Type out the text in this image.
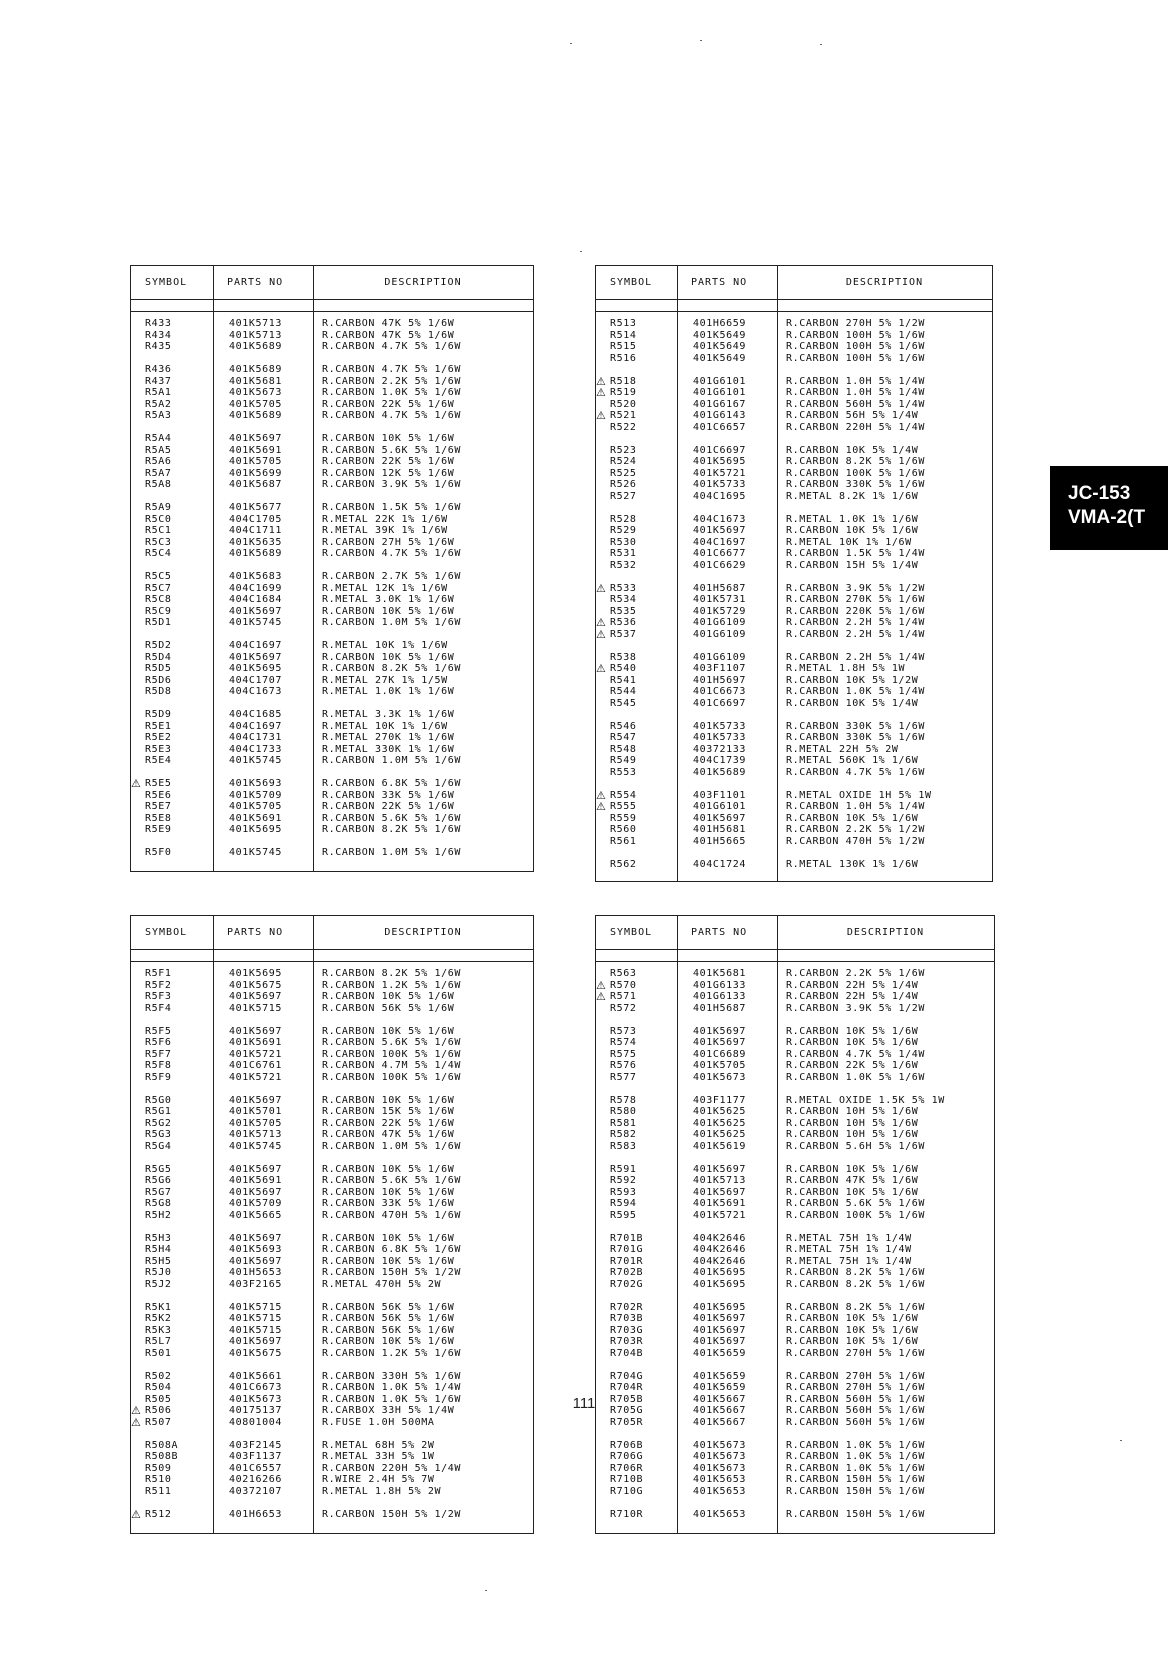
SYMBOL	PARTS NO	DESCRIPTION
R433	401K5713	R.CARBON 47K 5% 1/6W
R434	401K5713	R.CARBON 47K 5% 1/6W
R435	401K5689	R.CARBON 4.7K 5% 1/6W
R436	401K5689	R.CARBON 4.7K 5% 1/6W
R437	401K5681	R.CARBON 2.2K 5% 1/6W
R5A1	401K5673	R.CARBON 1.0K 5% 1/6W
R5A2	401K5705	R.CARBON 22K 5% 1/6W
R5A3	401K5689	R.CARBON 4.7K 5% 1/6W
R5A4	401K5697	R.CARBON 10K 5% 1/6W
R5A5	401K5691	R.CARBON 5.6K 5% 1/6W
R5A6	401K5705	R.CARBON 22K 5% 1/6W
R5A7	401K5699	R.CARBON 12K 5% 1/6W
R5A8	401K5687	R.CARBON 3.9K 5% 1/6W
R5A9	401K5677	R.CARBON 1.5K 5% 1/6W
R5C0	404C1705	R.METAL 22K 1% 1/6W
R5C1	404C1711	R.METAL 39K 1% 1/6W
R5C3	401K5635	R.CARBON 27H 5% 1/6W
R5C4	401K5689	R.CARBON 4.7K 5% 1/6W
R5C5	401K5683	R.CARBON 2.7K 5% 1/6W
R5C7	404C1699	R.METAL 12K 1% 1/6W
R5C8	404C1684	R.METAL 3.0K 1% 1/6W
R5C9	401K5697	R.CARBON 10K 5% 1/6W
R5D1	401K5745	R.CARBON 1.0M 5% 1/6W
R5D2	404C1697	R.METAL 10K 1% 1/6W
R5D4	401K5697	R.CARBON 10K 5% 1/6W
R5D5	401K5695	R.CARBON 8.2K 5% 1/6W
R5D6	404C1707	R.METAL 27K 1% 1/5W
R5D8	404C1673	R.METAL 1.0K 1% 1/6W
R5D9	404C1685	R.METAL 3.3K 1% 1/6W
R5E1	404C1697	R.METAL 10K 1% 1/6W
R5E2	404C1731	R.METAL 270K 1% 1/6W
R5E3	404C1733	R.METAL 330K 1% 1/6W
R5E4	401K5745	R.CARBON 1.0M 5% 1/6W
⚠ R5E5	401K5693	R.CARBON 6.8K 5% 1/6W
R5E6	401K5709	R.CARBON 33K 5% 1/6W
R5E7	401K5705	R.CARBON 22K 5% 1/6W
R5E8	401K5691	R.CARBON 5.6K 5% 1/6W
R5E9	401K5695	R.CARBON 8.2K 5% 1/6W
R5F0	401K5745	R.CARBON 1.0M 5% 1/6W
SYMBOL	PARTS NO	DESCRIPTION
R513	401H6659	R.CARBON 270H 5% 1/2W
R514	401K5649	R.CARBON 100H 5% 1/6W
R515	401K5649	R.CARBON 100H 5% 1/6W
R516	401K5649	R.CARBON 100H 5% 1/6W
⚠ R518	401G6101	R.CARBON 1.0H 5% 1/4W
⚠ R519	401G6101	R.CARBON 1.0H 5% 1/4W
R520	401G6167	R.CARBON 560H 5% 1/4W
⚠ R521	401G6143	R.CARBON 56H 5% 1/4W
R522	401C6657	R.CARBON 220H 5% 1/4W
R523	401C6697	R.CARBON 10K 5% 1/4W
R524	401K5695	R.CARBON 8.2K 5% 1/6W
R525	401K5721	R.CARBON 100K 5% 1/6W
R526	401K5733	R.CARBON 330K 5% 1/6W
R527	404C1695	R.METAL 8.2K 1% 1/6W
R528	404C1673	R.METAL 1.0K 1% 1/6W
R529	401K5697	R.CARBON 10K 5% 1/6W
R530	404C1697	R.METAL 10K 1% 1/6W
R531	401C6677	R.CARBON 1.5K 5% 1/4W
R532	401C6629	R.CARBON 15H 5% 1/4W
⚠ R533	401H5687	R.CARBON 3.9K 5% 1/2W
R534	401K5731	R.CARBON 270K 5% 1/6W
R535	401K5729	R.CARBON 220K 5% 1/6W
⚠ R536	401G6109	R.CARBON 2.2H 5% 1/4W
⚠ R537	401G6109	R.CARBON 2.2H 5% 1/4W
R538	401G6109	R.CARBON 2.2H 5% 1/4W
⚠ R540	403F1107	R.METAL 1.8H 5% 1W
R541	401H5697	R.CARBON 10K 5% 1/2W
R544	401C6673	R.CARBON 1.0K 5% 1/4W
R545	401C6697	R.CARBON 10K 5% 1/4W
R546	401K5733	R.CARBON 330K 5% 1/6W
R547	401K5733	R.CARBON 330K 5% 1/6W
R548	40372133	R.METAL 22H 5% 2W
R549	404C1739	R.METAL 560K 1% 1/6W
R553	401K5689	R.CARBON 4.7K 5% 1/6W
⚠ R554	403F1101	R.METAL OXIDE 1H 5% 1W
⚠ R555	401G6101	R.CARBON 1.0H 5% 1/4W
R559	401K5697	R.CARBON 10K 5% 1/6W
R560	401H5681	R.CARBON 2.2K 5% 1/2W
R561	401H5665	R.CARBON 470H 5% 1/2W
R562	404C1724	R.METAL 130K 1% 1/6W
SYMBOL	PARTS NO	DESCRIPTION
R5F1	401K5695	R.CARBON 8.2K 5% 1/6W
R5F2	401K5675	R.CARBON 1.2K 5% 1/6W
R5F3	401K5697	R.CARBON 10K 5% 1/6W
R5F4	401K5715	R.CARBON 56K 5% 1/6W
R5F5	401K5697	R.CARBON 10K 5% 1/6W
R5F6	401K5691	R.CARBON 5.6K 5% 1/6W
R5F7	401K5721	R.CARBON 100K 5% 1/6W
R5F8	401C6761	R.CARBON 4.7M 5% 1/4W
R5F9	401K5721	R.CARBON 100K 5% 1/6W
R5G0	401K5697	R.CARBON 10K 5% 1/6W
R5G1	401K5701	R.CARBON 15K 5% 1/6W
R5G2	401K5705	R.CARBON 22K 5% 1/6W
R5G3	401K5713	R.CARBON 47K 5% 1/6W
R5G4	401K5745	R.CARBON 1.0M 5% 1/6W
R5G5	401K5697	R.CARBON 10K 5% 1/6W
R5G6	401K5691	R.CARBON 5.6K 5% 1/6W
R5G7	401K5697	R.CARBON 10K 5% 1/6W
R5G8	401K5709	R.CARBON 33K 5% 1/6W
R5H2	401K5665	R.CARBON 470H 5% 1/6W
R5H3	401K5697	R.CARBON 10K 5% 1/6W
R5H4	401K5693	R.CARBON 6.8K 5% 1/6W
R5H5	401K5697	R.CARBON 10K 5% 1/6W
R5J0	401H5653	R.CARBON 150H 5% 1/2W
R5J2	403F2165	R.METAL 470H 5% 2W
R5K1	401K5715	R.CARBON 56K 5% 1/6W
R5K2	401K5715	R.CARBON 56K 5% 1/6W
R5K3	401K5715	R.CARBON 56K 5% 1/6W
R5L7	401K5697	R.CARBON 10K 5% 1/6W
R501	401K5675	R.CARBON 1.2K 5% 1/6W
R502	401K5661	R.CARBON 330H 5% 1/6W
R504	401C6673	R.CARBON 1.0K 5% 1/4W
R505	401K5673	R.CARBON 1.0K 5% 1/6W
⚠ R506	40175137	R.CARBOX 33H 5% 1/4W
⚠ R507	40801004	R.FUSE 1.0H 500MA
R508A	403F2145	R.METAL 68H 5% 2W
R508B	403F1137	R.METAL 33H 5% 1W
R509	401C6557	R.CARBON 220H 5% 1/4W
R510	40216266	R.WIRE 2.4H 5% 7W
R511	40372107	R.METAL 1.8H 5% 2W
⚠ R512	401H6653	R.CARBON 150H 5% 1/2W
SYMBOL	PARTS NO	DESCRIPTION
R563	401K5681	R.CARBON 2.2K 5% 1/6W
⚠ R570	401G6133	R.CARBON 22H 5% 1/4W
⚠ R571	401G6133	R.CARBON 22H 5% 1/4W
R572	401H5687	R.CARBON 3.9K 5% 1/2W
R573	401K5697	R.CARBON 10K 5% 1/6W
R574	401K5697	R.CARBON 10K 5% 1/6W
R575	401C6689	R.CARBON 4.7K 5% 1/4W
R576	401K5705	R.CARBON 22K 5% 1/6W
R577	401K5673	R.CARBON 1.0K 5% 1/6W
R578	403F1177	R.METAL OXIDE 1.5K 5% 1W
R580	401K5625	R.CARBON 10H 5% 1/6W
R581	401K5625	R.CARBON 10H 5% 1/6W
R582	401K5625	R.CARBON 10H 5% 1/6W
R583	401K5619	R.CARBON 5.6H 5% 1/6W
R591	401K5697	R.CARBON 10K 5% 1/6W
R592	401K5713	R.CARBON 47K 5% 1/6W
R593	401K5697	R.CARBON 10K 5% 1/6W
R594	401K5691	R.CARBON 5.6K 5% 1/6W
R595	401K5721	R.CARBON 100K 5% 1/6W
R701B	404K2646	R.METAL 75H 1% 1/4W
R701G	404K2646	R.METAL 75H 1% 1/4W
R701R	404K2646	R.METAL 75H 1% 1/4W
R702B	401K5695	R.CARBON 8.2K 5% 1/6W
R702G	401K5695	R.CARBON 8.2K 5% 1/6W
R702R	401K5695	R.CARBON 8.2K 5% 1/6W
R703B	401K5697	R.CARBON 10K 5% 1/6W
R703G	401K5697	R.CARBON 10K 5% 1/6W
R703R	401K5697	R.CARBON 10K 5% 1/6W
R704B	401K5659	R.CARBON 270H 5% 1/6W
R704G	401K5659	R.CARBON 270H 5% 1/6W
R704R	401K5659	R.CARBON 270H 5% 1/6W
R705B	401K5667	R.CARBON 560H 5% 1/6W
R705G	401K5667	R.CARBON 560H 5% 1/6W
R705R	401K5667	R.CARBON 560H 5% 1/6W
R706B	401K5673	R.CARBON 1.0K 5% 1/6W
R706G	401K5673	R.CARBON 1.0K 5% 1/6W
R706R	401K5673	R.CARBON 1.0K 5% 1/6W
R710B	401K5653	R.CARBON 150H 5% 1/6W
R710G	401K5653	R.CARBON 150H 5% 1/6W
R710R	401K5653	R.CARBON 150H 5% 1/6W
JC-153
VMA-2(T
111
